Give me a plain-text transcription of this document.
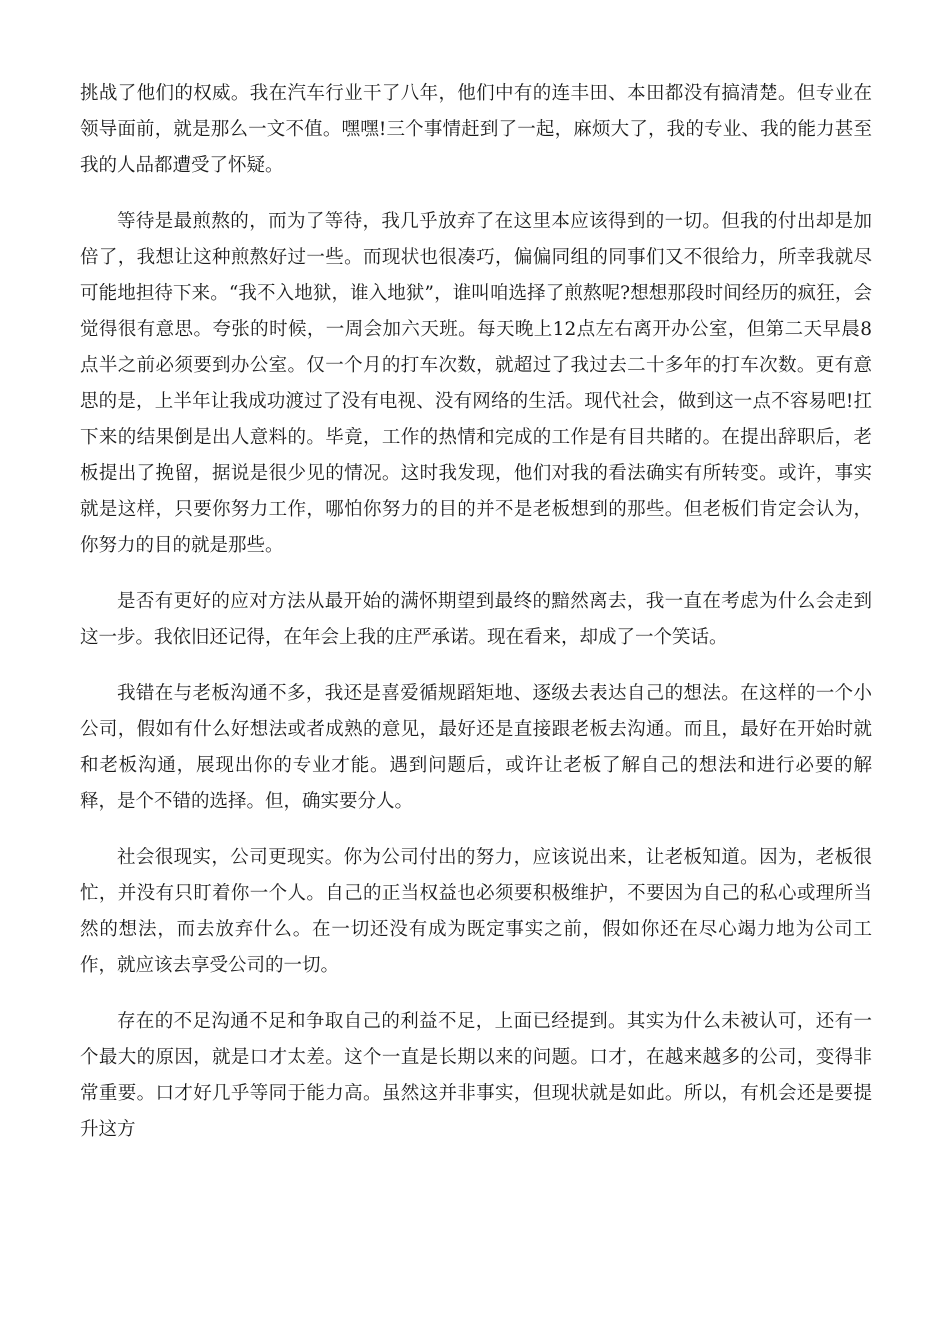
挑战了他们的权威。我在汽车行业干了八年，他们中有的连丰田、本田都没有搞清楚。但专业在领导面前，就是那么一文不值。嘿嘿!三个事情赶到了一起，麻烦大了，我的专业、我的能力甚至我的人品都遭受了怀疑。

等待是最煎熬的，而为了等待，我几乎放弃了在这里本应该得到的一切。但我的付出却是加倍了，我想让这种煎熬好过一些。而现状也很凑巧，偏偏同组的同事们又不很给力，所幸我就尽可能地担待下来。“我不入地狱，谁入地狱”，谁叫咱选择了煎熬呢?想想那段时间经历的疯狂，会觉得很有意思。夸张的时候，一周会加六天班。每天晚上12点左右离开办公室，但第二天早晨8点半之前必须要到办公室。仅一个月的打车次数，就超过了我过去二十多年的打车次数。更有意思的是，上半年让我成功渡过了没有电视、没有网络的生活。现代社会，做到这一点不容易吧!扛下来的结果倒是出人意料的。毕竟，工作的热情和完成的工作是有目共睹的。在提出辞职后，老板提出了挽留，据说是很少见的情况。这时我发现，他们对我的看法确实有所转变。或许，事实就是这样，只要你努力工作，哪怕你努力的目的并不是老板想到的那些。但老板们肯定会认为，你努力的目的就是那些。

是否有更好的应对方法从最开始的满怀期望到最终的黯然离去，我一直在考虑为什么会走到这一步。我依旧还记得，在年会上我的庄严承诺。现在看来，却成了一个笑话。

我错在与老板沟通不多，我还是喜爱循规蹈矩地、逐级去表达自己的想法。在这样的一个小公司，假如有什么好想法或者成熟的意见，最好还是直接跟老板去沟通。而且，最好在开始时就和老板沟通，展现出你的专业才能。遇到问题后，或许让老板了解自己的想法和进行必要的解释，是个不错的选择。但，确实要分人。

社会很现实，公司更现实。你为公司付出的努力，应该说出来，让老板知道。因为，老板很忙，并没有只盯着你一个人。自己的正当权益也必须要积极维护，不要因为自己的私心或理所当然的想法，而去放弃什么。在一切还没有成为既定事实之前，假如你还在尽心竭力地为公司工作，就应该去享受公司的一切。

存在的不足沟通不足和争取自己的利益不足，上面已经提到。其实为什么未被认可，还有一个最大的原因，就是口才太差。这个一直是长期以来的问题。口才，在越来越多的公司，变得非常重要。口才好几乎等同于能力高。虽然这并非事实，但现状就是如此。所以，有机会还是要提升这方
